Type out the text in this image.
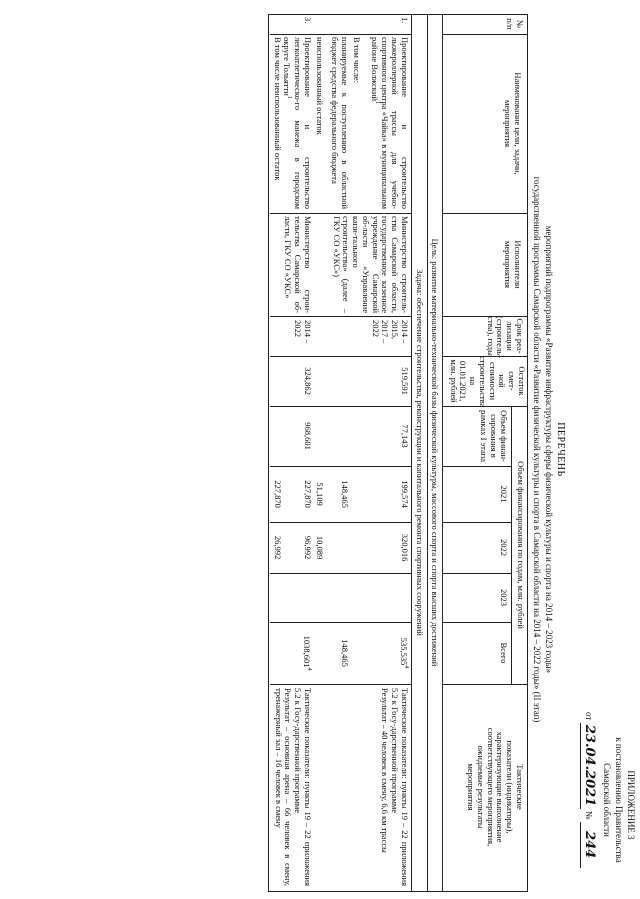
ПРИЛОЖЕНИЕ 3
к постановлению Правительства
Самарской области
от 23.04.2021 № 244
ПЕРЕЧЕНЬ
мероприятий подпрограммы «Развитие инфраструктуры сферы физической культуры и спорта на 2014 – 2023 годы»
государственной программы Самарской области «Развитие физической культуры и спорта в Самарской области на 2014 – 2022 годы» (II этап)
№
п/п
Наименование цели, задачи,
мероприятия
Исполнители
мероприятия
Срок реа-
лизации
(строитель-
ства), годы
Остаток смет-
ной стоимости
строительства
на 01.01.2021,
млн. рублей
Объем финансирования по годам, млн. рублей
Объем финан-
сирования в
рамках I этапа
2021
2022
2023
Всего
Тактические
показатели (индикаторы),
характеризующие выполнение
соответствующего мероприятия,
ожидаемые результаты
мероприятия
Цель: развитие материально-технической базы физической культуры, массового спорта и спорта высших достижений
Задача: обеспечение строительства, реконструкции и капитального ремонта спортивных сооружений
1.
Проектирование и строительство лыжероллерной трассы для учебно-спортивного центра «Чайка» в муниципальном районе Волжский$^1$
Министерство строитель-ства Самарской области, государственное казенное учреждение Самарской об-ласти «Управление капи-тального строительства» (далее – ГКУ СО «УКС»)
2014 –
2015,
2017 –
2022
519,591
77,143
199,574
320,016
535,535$^4$
Тактические показатели: пункты 19 – 22 приложения 5.2 к Госу-дарственной программе
Результат – 40 человек в смену, 6,6 км трассы
В том числе:
планируемые к поступлению в областной бюджет средства федерального бюджета
148,465
148,465
неиспользованный остаток
51,109
10,089
3.
Проектирование и строительство легкоатлетическо-го манежа в городском округе Тольятти$^1$
Министерство строи-тельства Самарской об-ласти, ГКУ СО «УКС»
2014 –
2022
324,862
968,601
227,870
96,992
1038,601$^4$
Тактические показатели: пункты 19 – 22 приложения 5.2 к Госу-дарственной программе
Результат – основная арена – 66 человек в смену, тренажерный зал – 16 человек в смену
В том числе неиспользованный остаток
227,870
26,992
